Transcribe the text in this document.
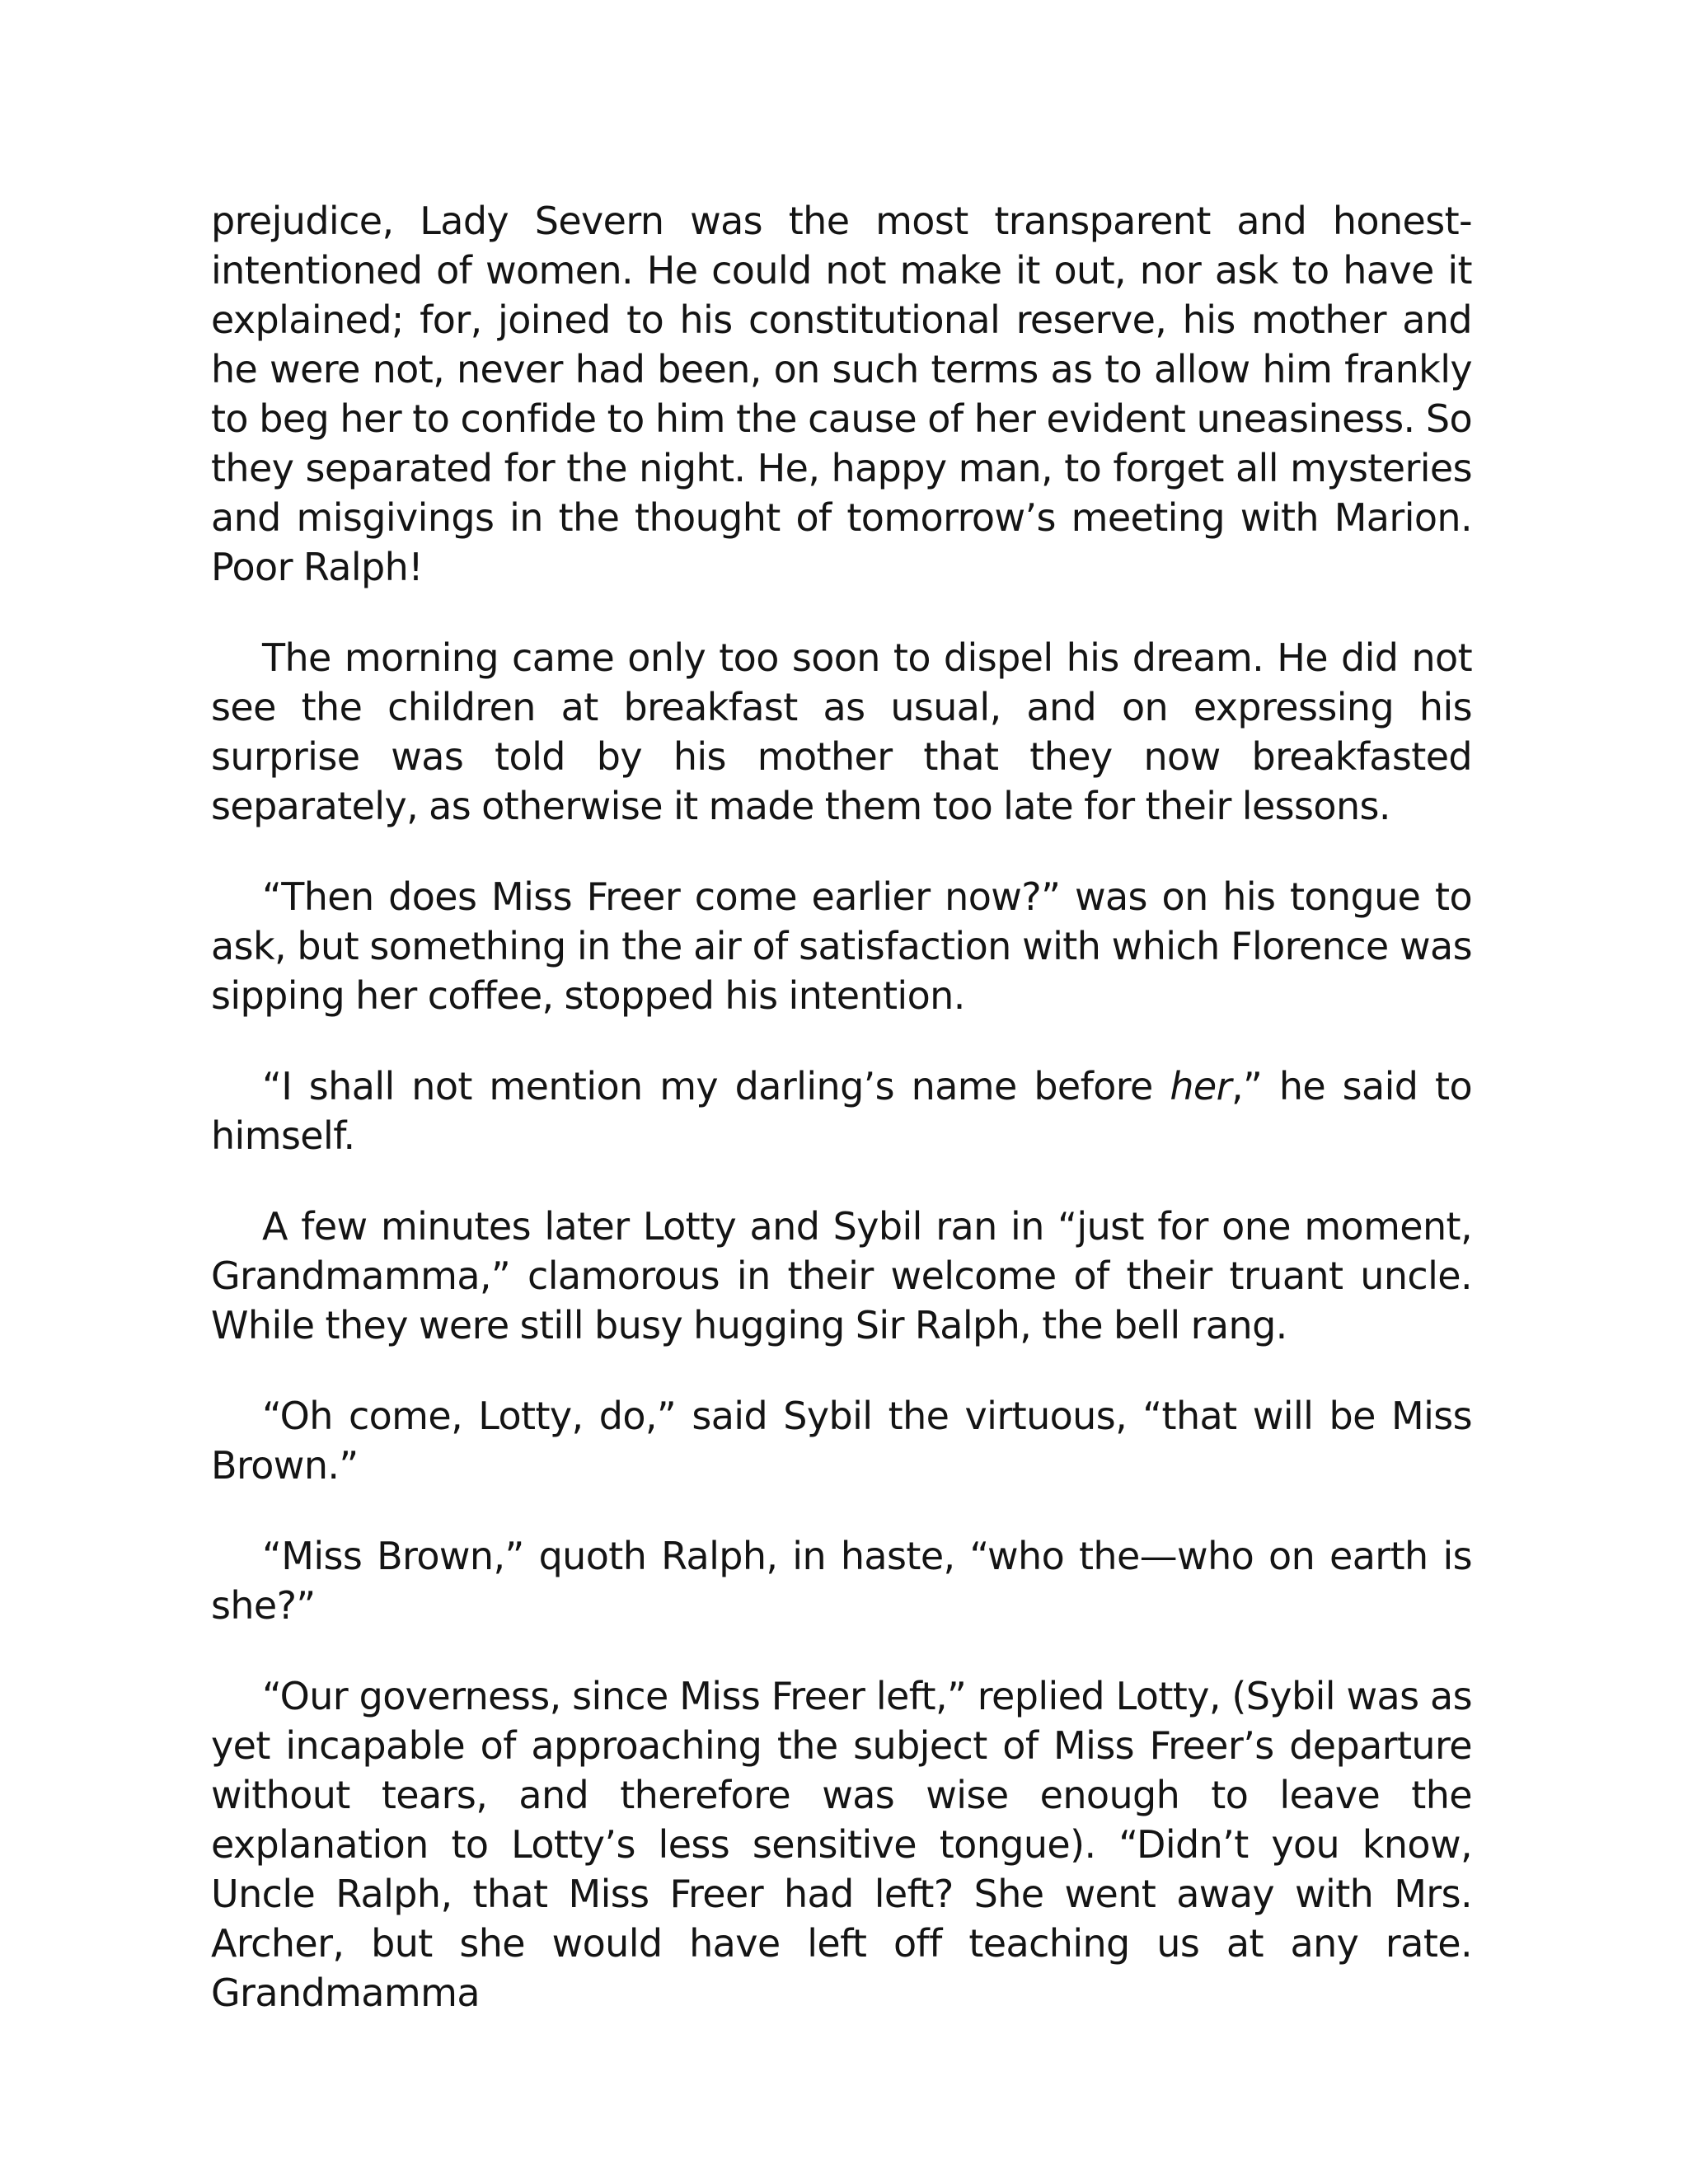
prejudice, Lady Severn was the most transparent and honest-intentioned of women. He could not make it out, nor ask to have it explained; for, joined to his constitutional reserve, his mother and he were not, never had been, on such terms as to allow him frankly to beg her to confide to him the cause of her evident uneasiness. So they separated for the night. He, happy man, to forget all mysteries and misgivings in the thought of tomorrow’s meeting with Marion. Poor Ralph!

The morning came only too soon to dispel his dream. He did not see the children at breakfast as usual, and on expressing his surprise was told by his mother that they now breakfasted separately, as otherwise it made them too late for their lessons.

“Then does Miss Freer come earlier now?” was on his tongue to ask, but something in the air of satisfaction with which Florence was sipping her coffee, stopped his intention.

“I shall not mention my darling’s name before her,” he said to himself.

A few minutes later Lotty and Sybil ran in “just for one moment, Grandmamma,” clamorous in their welcome of their truant uncle. While they were still busy hugging Sir Ralph, the bell rang.

“Oh come, Lotty, do,” said Sybil the virtuous, “that will be Miss Brown.”

“Miss Brown,” quoth Ralph, in haste, “who the—who on earth is she?”

“Our governess, since Miss Freer left,” replied Lotty, (Sybil was as yet incapable of approaching the subject of Miss Freer’s departure without tears, and therefore was wise enough to leave the explanation to Lotty’s less sensitive tongue). “Didn’t you know, Uncle Ralph, that Miss Freer had left? She went away with Mrs. Archer, but she would have left off teaching us at any rate. Grandmamma
